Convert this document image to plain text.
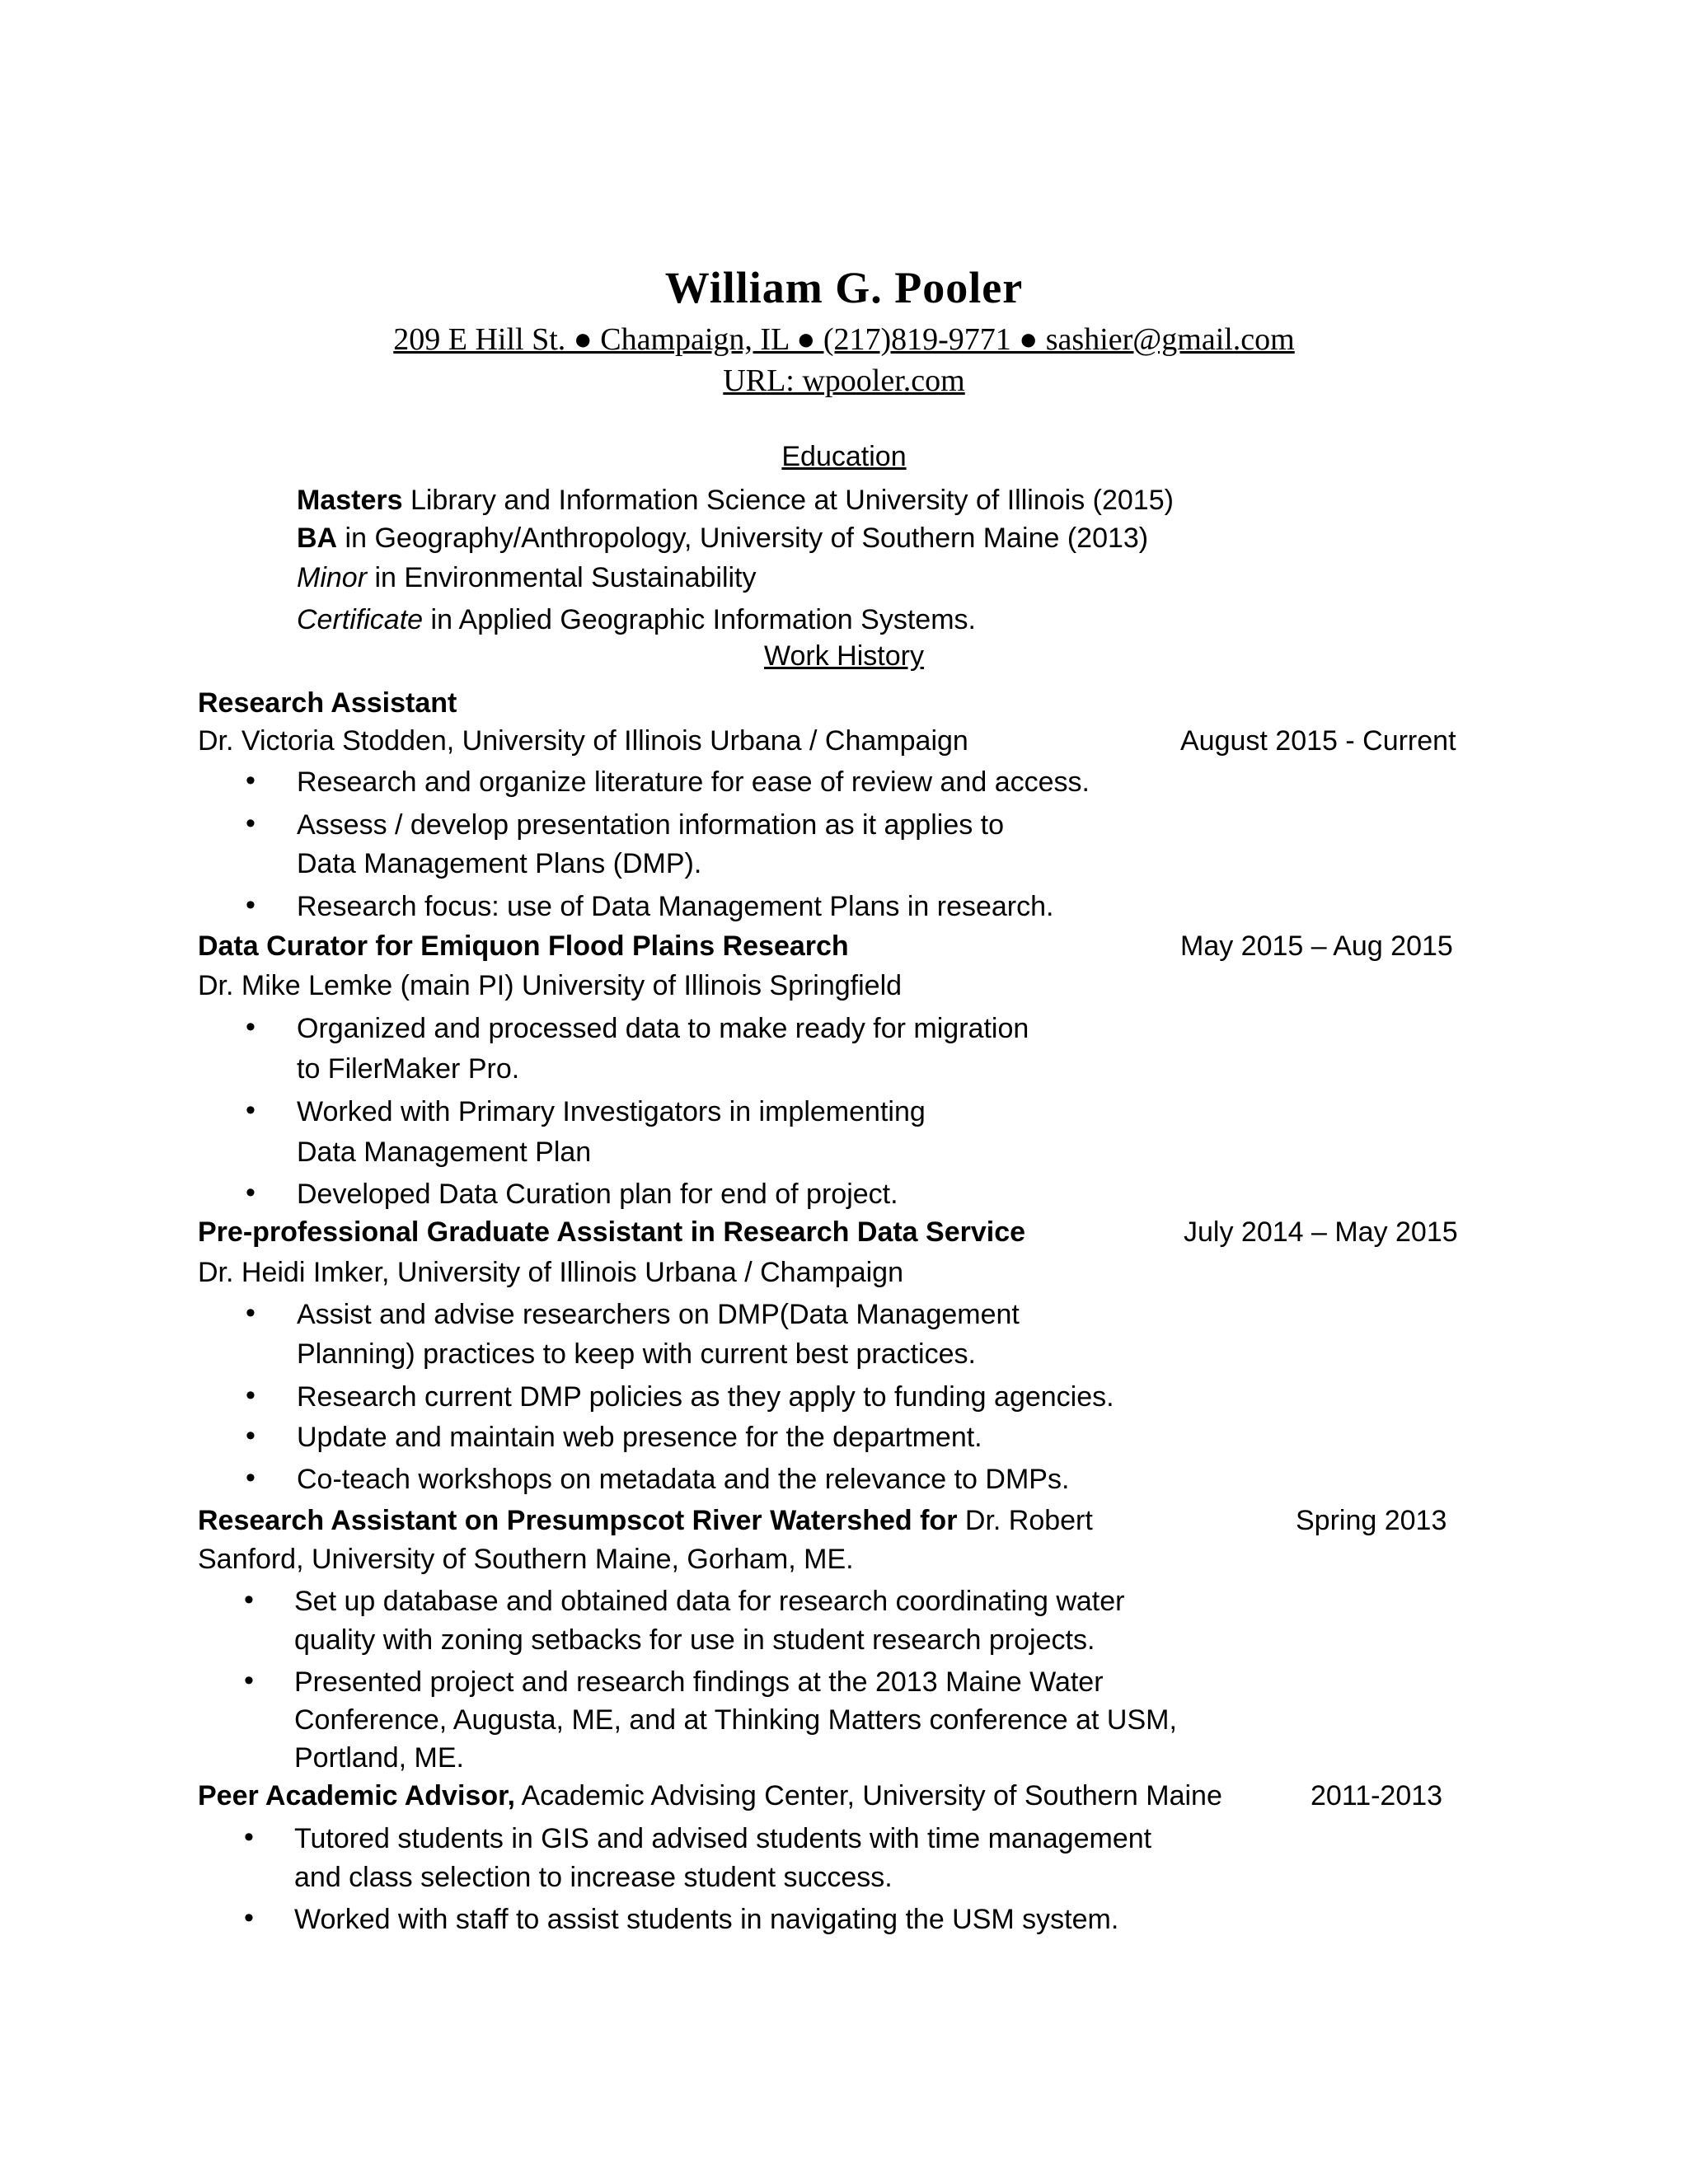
William G. Pooler
209 E Hill St. ● Champaign, IL ● (217)819-9771 ● sashier@gmail.com
URL: wpooler.com
Education
Masters Library and Information Science at University of Illinois (2015)
BA in Geography/Anthropology, University of Southern Maine (2013)
Minor in Environmental Sustainability
Certificate in Applied Geographic Information Systems.
Work History
Research Assistant
Dr. Victoria Stodden, University of Illinois Urbana / Champaign	August 2015 - Current
• Research and organize literature for ease of review and access.
• Assess / develop presentation information as it applies to
Data Management Plans (DMP).
• Research focus: use of Data Management Plans in research.
Data Curator for Emiquon Flood Plains Research	May 2015 – Aug 2015
Dr. Mike Lemke (main PI) University of Illinois Springfield
• Organized and processed data to make ready for migration
to FilerMaker Pro.
• Worked with Primary Investigators in implementing
Data Management Plan
• Developed Data Curation plan for end of project.
Pre-professional Graduate Assistant in Research Data Service	July 2014 – May 2015
Dr. Heidi Imker, University of Illinois Urbana / Champaign
• Assist and advise researchers on DMP(Data Management
Planning) practices to keep with current best practices.
• Research current DMP policies as they apply to funding agencies.
• Update and maintain web presence for the department.
• Co-teach workshops on metadata and the relevance to DMPs.
Research Assistant on Presumpscot River Watershed for Dr. Robert	Spring 2013
Sanford, University of Southern Maine, Gorham, ME.
• Set up database and obtained data for research coordinating water
quality with zoning setbacks for use in student research projects.
• Presented project and research findings at the 2013 Maine Water
Conference, Augusta, ME, and at Thinking Matters conference at USM,
Portland, ME.
Peer Academic Advisor, Academic Advising Center, University of Southern Maine	2011-2013
• Tutored students in GIS and advised students with time management
and class selection to increase student success.
• Worked with staff to assist students in navigating the USM system.
